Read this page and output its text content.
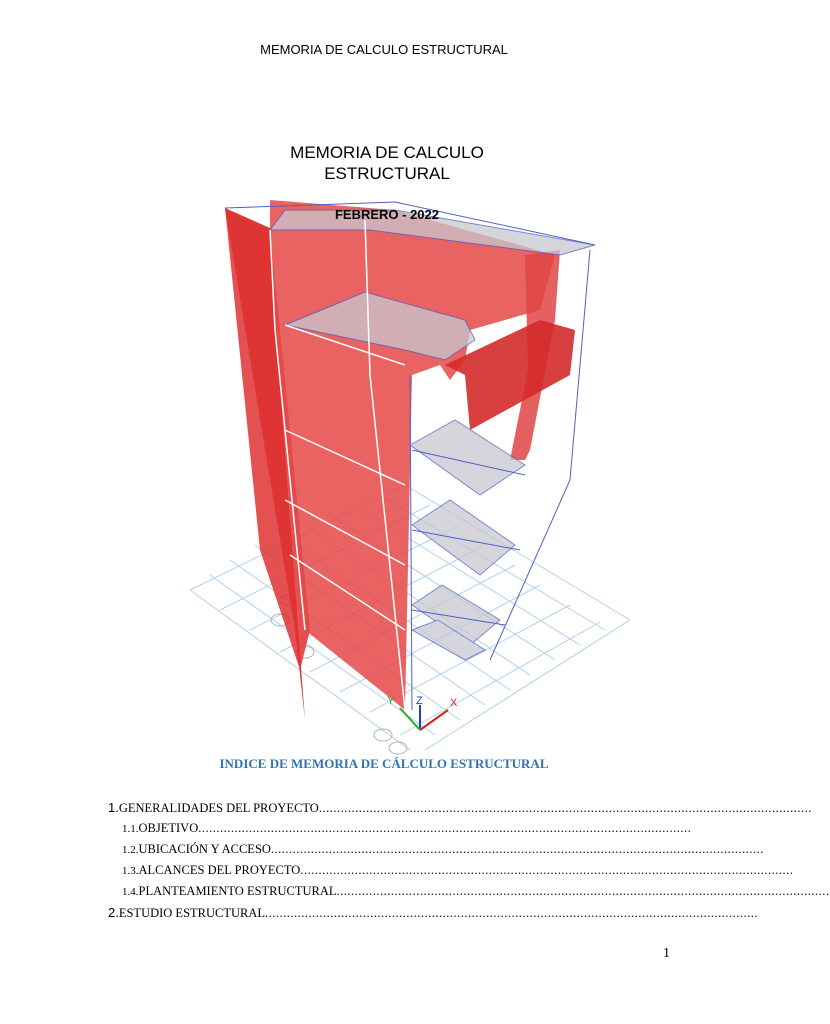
MEMORIA DE CALCULO ESTRUCTURAL
Z X
Y
MEMORIA DE CALCULO
ESTRUCTURAL
FEBRERO - 2022
INDICE DE MEMORIA DE CÁLCULO ESTRUCTURAL
1. GENERALIDADES DEL PROYECTO ........................................................................................................................................
1.1. OBJETIVO ........................................................................................................................................
1.2. UBICACIÓN Y ACCESO ........................................................................................................................................
1.3. ALCANCES DEL PROYECTO ........................................................................................................................................
1.4. PLANTEAMIENTO ESTRUCTURAL ........................................................................................................................................
2. ESTUDIO ESTRUCTURAL ........................................................................................................................................
1
